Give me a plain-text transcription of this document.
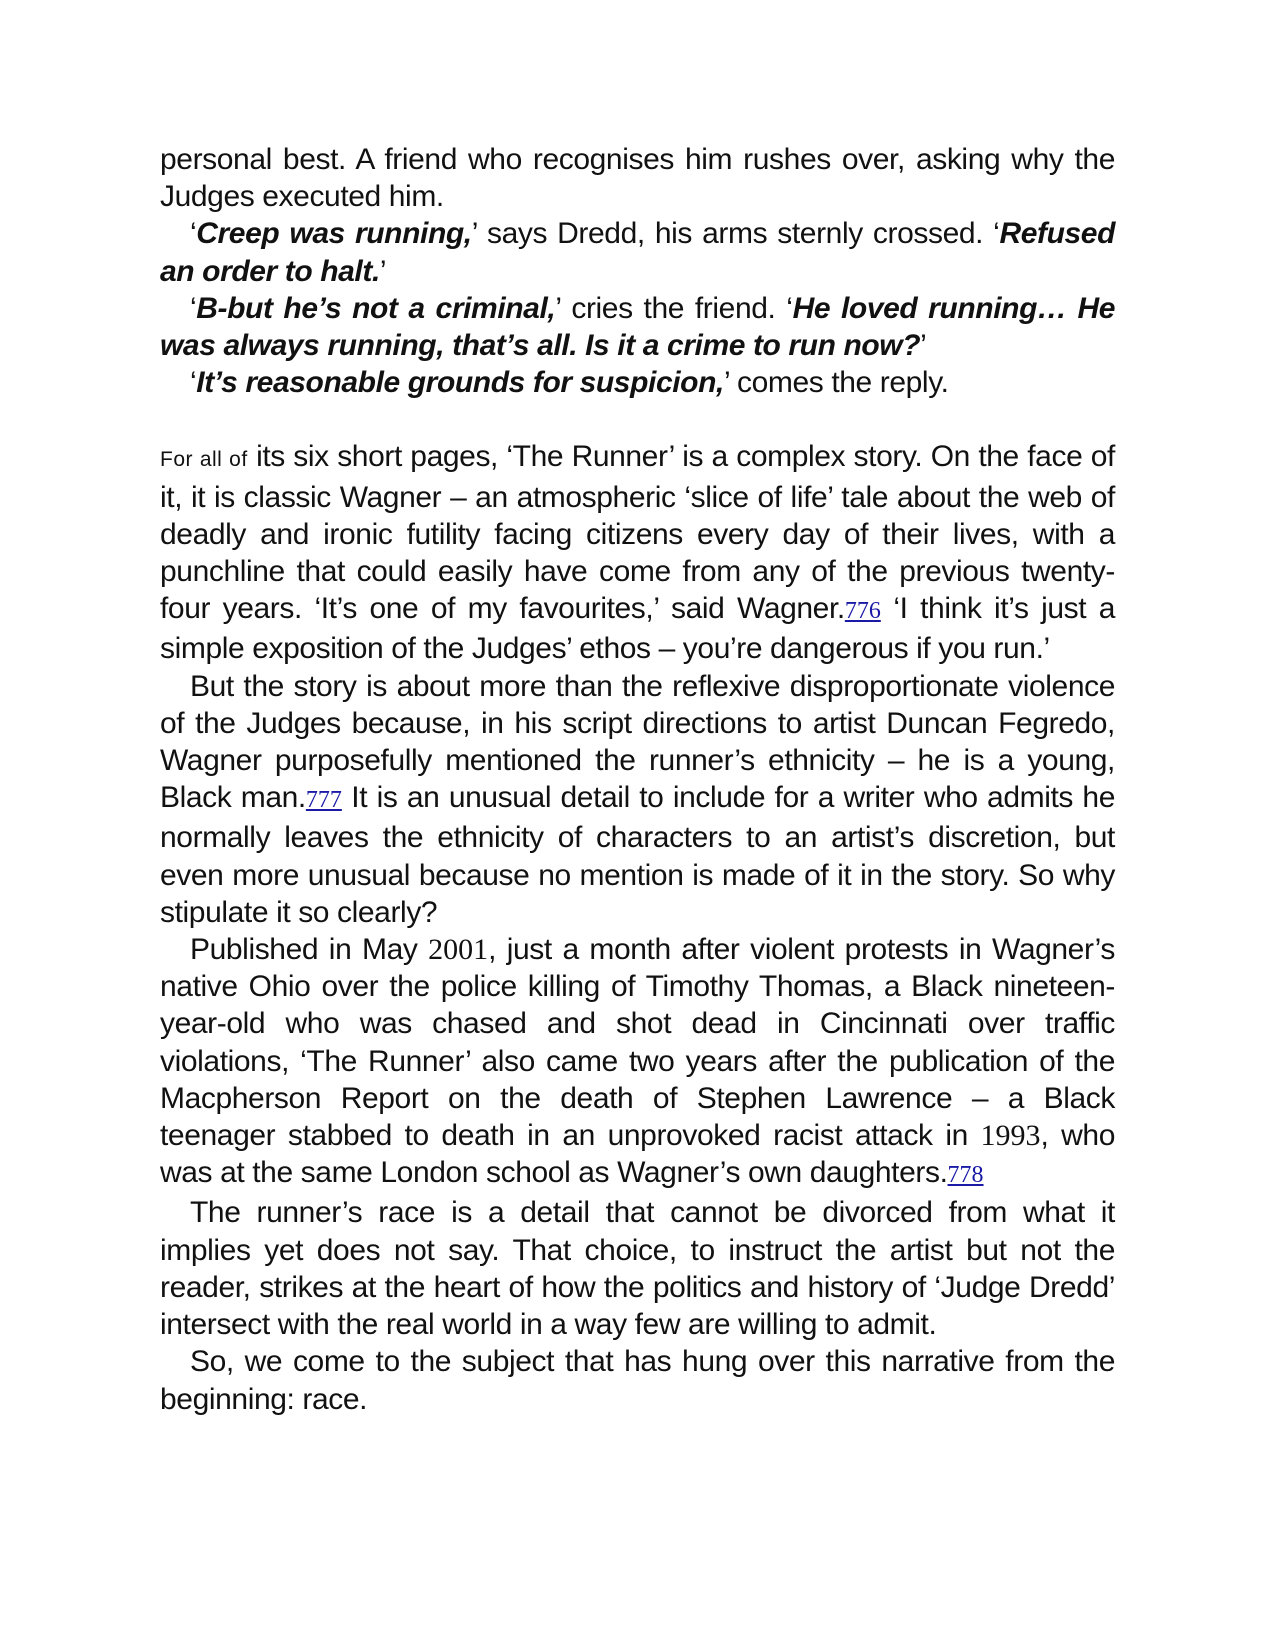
personal best. A friend who recognises him rushes over, asking why the Judges executed him.

‘Creep was running,’ says Dredd, his arms sternly crossed. ‘Refused an order to halt.’

‘B-but he’s not a criminal,’ cries the friend. ‘He loved running… He was always running, that’s all. Is it a crime to run now?’

‘It’s reasonable grounds for suspicion,’ comes the reply.

For all of its six short pages, ‘The Runner’ is a complex story. On the face of it, it is classic Wagner – an atmospheric ‘slice of life’ tale about the web of deadly and ironic futility facing citizens every day of their lives, with a punchline that could easily have come from any of the previous twenty-four years. ‘It’s one of my favourites,’ said Wagner.776 ‘I think it’s just a simple exposition of the Judges’ ethos – you’re dangerous if you run.’

But the story is about more than the reflexive disproportionate violence of the Judges because, in his script directions to artist Duncan Fegredo, Wagner purposefully mentioned the runner’s ethnicity – he is a young, Black man.777 It is an unusual detail to include for a writer who admits he normally leaves the ethnicity of characters to an artist’s discretion, but even more unusual because no mention is made of it in the story. So why stipulate it so clearly?

Published in May 2001, just a month after violent protests in Wagner’s native Ohio over the police killing of Timothy Thomas, a Black nineteen-year-old who was chased and shot dead in Cincinnati over traffic violations, ‘The Runner’ also came two years after the publication of the Macpherson Report on the death of Stephen Lawrence – a Black teenager stabbed to death in an unprovoked racist attack in 1993, who was at the same London school as Wagner’s own daughters.778

The runner’s race is a detail that cannot be divorced from what it implies yet does not say. That choice, to instruct the artist but not the reader, strikes at the heart of how the politics and history of ‘Judge Dredd’ intersect with the real world in a way few are willing to admit.

So, we come to the subject that has hung over this narrative from the beginning: race.
